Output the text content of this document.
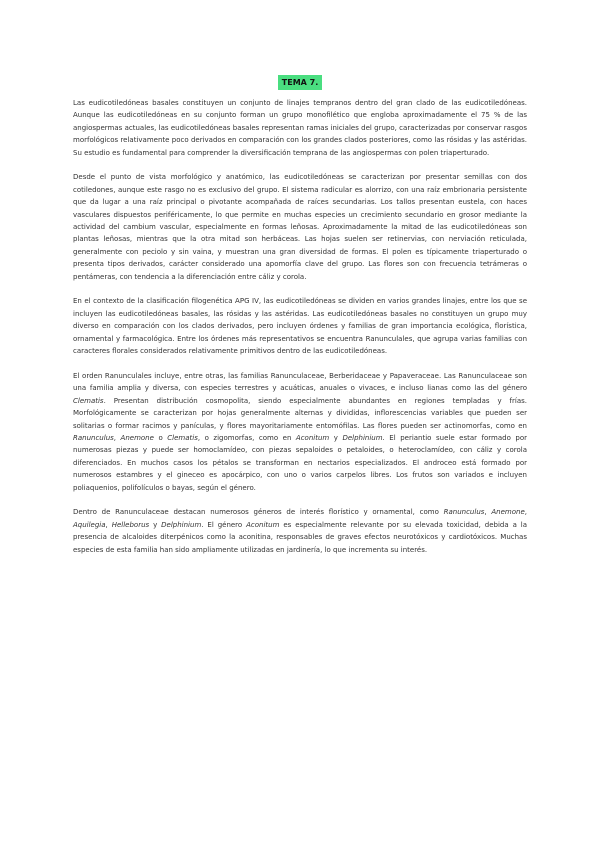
TEMA 7.

Las eudicotiledóneas basales constituyen un conjunto de linajes tempranos dentro del gran clado de las eudicotiledóneas. Aunque las eudicotiledóneas en su conjunto forman un grupo monofilético que engloba aproximadamente el 75 % de las angiospermas actuales, las eudicotiledóneas basales representan ramas iniciales del grupo, caracterizadas por conservar rasgos morfológicos relativamente poco derivados en comparación con los grandes clados posteriores, como las rósidas y las astéridas. Su estudio es fundamental para comprender la diversificación temprana de las angiospermas con polen triaperturado.

Desde el punto de vista morfológico y anatómico, las eudicotiledóneas se caracterizan por presentar semillas con dos cotiledones, aunque este rasgo no es exclusivo del grupo. El sistema radicular es alorrizo, con una raíz embrionaria persistente que da lugar a una raíz principal o pivotante acompañada de raíces secundarias. Los tallos presentan eustela, con haces vasculares dispuestos periféricamente, lo que permite en muchas especies un crecimiento secundario en grosor mediante la actividad del cambium vascular, especialmente en formas leñosas. Aproximadamente la mitad de las eudicotiledóneas son plantas leñosas, mientras que la otra mitad son herbáceas. Las hojas suelen ser retinervias, con nerviación reticulada, generalmente con peciolo y sin vaina, y muestran una gran diversidad de formas. El polen es típicamente triaperturado o presenta tipos derivados, carácter considerado una apomorfía clave del grupo. Las flores son con frecuencia tetrámeras o pentámeras, con tendencia a la diferenciación entre cáliz y corola.

En el contexto de la clasificación filogenética APG IV, las eudicotiledóneas se dividen en varios grandes linajes, entre los que se incluyen las eudicotiledóneas basales, las rósidas y las astéridas. Las eudicotiledóneas basales no constituyen un grupo muy diverso en comparación con los clados derivados, pero incluyen órdenes y familias de gran importancia ecológica, florística, ornamental y farmacológica. Entre los órdenes más representativos se encuentra Ranunculales, que agrupa varias familias con caracteres florales considerados relativamente primitivos dentro de las eudicotiledóneas.

El orden Ranunculales incluye, entre otras, las familias Ranunculaceae, Berberidaceae y Papaveraceae. Las Ranunculaceae son una familia amplia y diversa, con especies terrestres y acuáticas, anuales o vivaces, e incluso lianas como las del género Clematis. Presentan distribución cosmopolita, siendo especialmente abundantes en regiones templadas y frías. Morfológicamente se caracterizan por hojas generalmente alternas y divididas, inflorescencias variables que pueden ser solitarias o formar racimos y panículas, y flores mayoritariamente entomófilas. Las flores pueden ser actinomorfas, como en Ranunculus, Anemone o Clematis, o zigomorfas, como en Aconitum y Delphinium. El periantio suele estar formado por numerosas piezas y puede ser homoclamídeo, con piezas sepaloides o petaloides, o heteroclamídeo, con cáliz y corola diferenciados. En muchos casos los pétalos se transforman en nectarios especializados. El androceo está formado por numerosos estambres y el gineceo es apocárpico, con uno o varios carpelos libres. Los frutos son variados e incluyen poliaquenios, polifolículos o bayas, según el género.

Dentro de Ranunculaceae destacan numerosos géneros de interés florístico y ornamental, como Ranunculus, Anemone, Aquilegia, Helleborus y Delphinium. El género Aconitum es especialmente relevante por su elevada toxicidad, debida a la presencia de alcaloides diterpénicos como la aconitina, responsables de graves efectos neurotóxicos y cardiotóxicos. Muchas especies de esta familia han sido ampliamente utilizadas en jardinería, lo que incrementa su interés.
